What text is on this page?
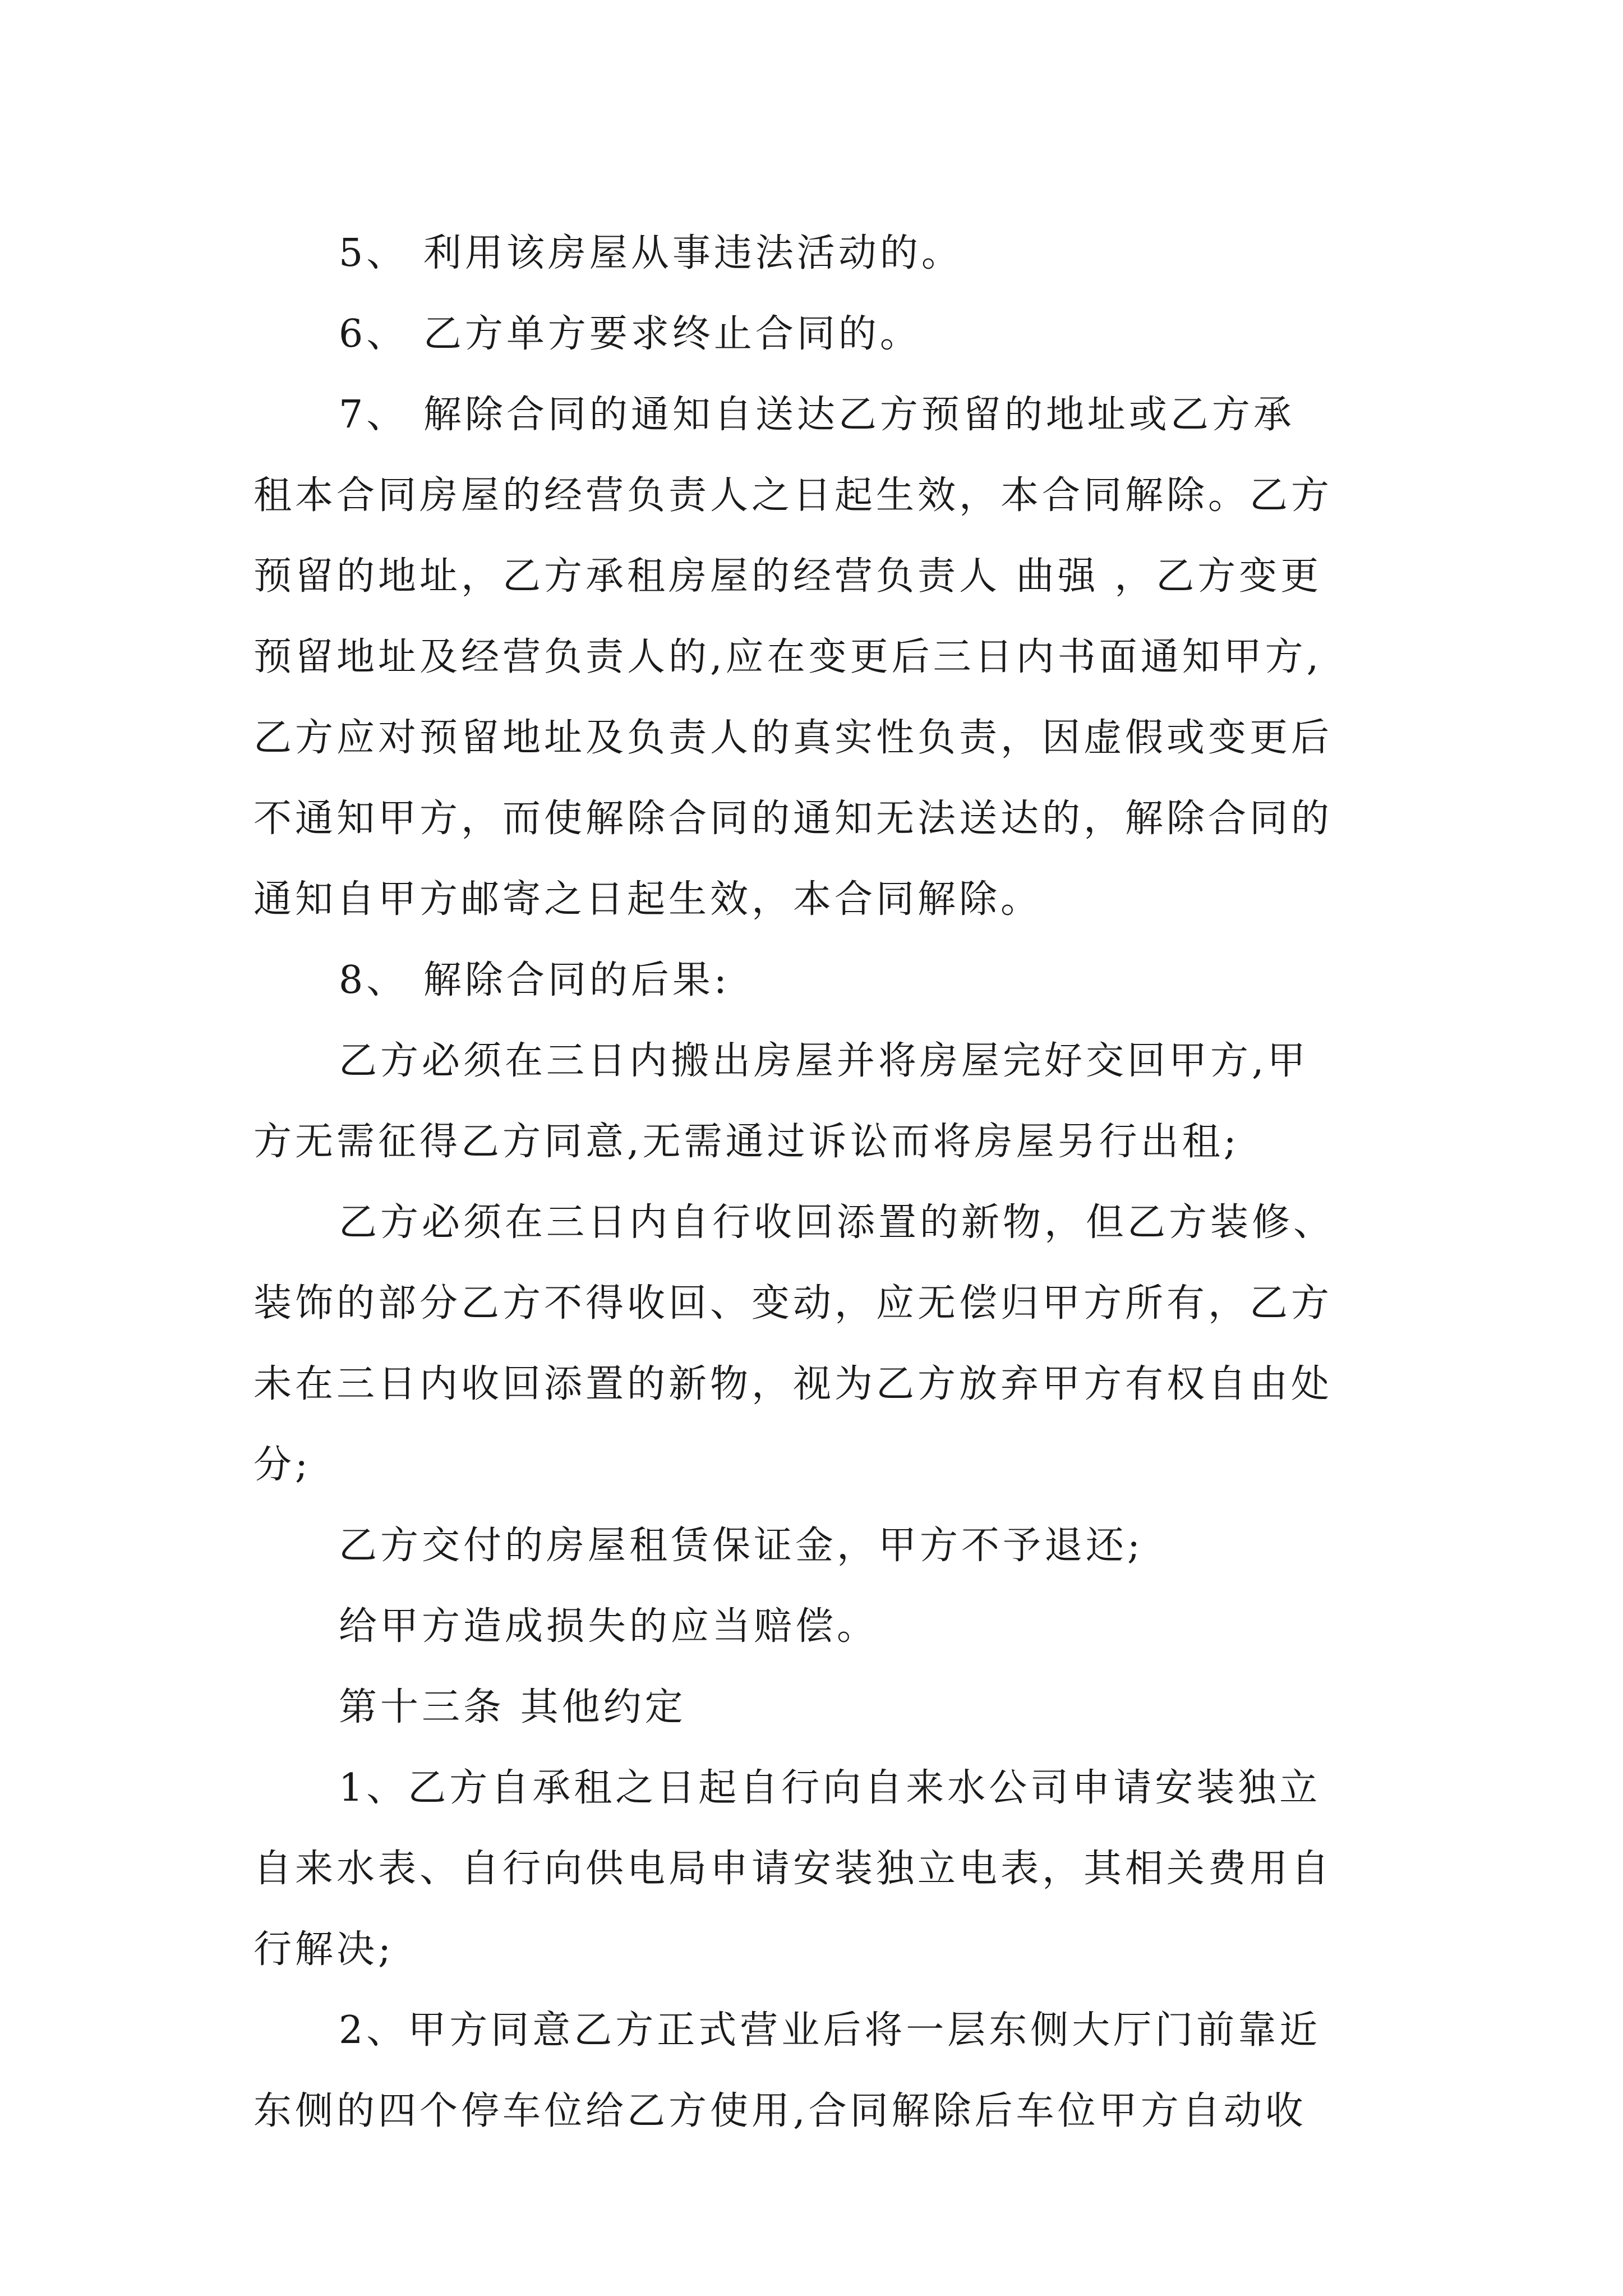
5、 利用该房屋从事违法活动的。
6、 乙方单方要求终止合同的。
7、 解除合同的通知自送达乙方预留的地址或乙方承
租本合同房屋的经营负责人之日起生效，本合同解除。乙方
预留的地址，乙方承租房屋的经营负责人 曲强 ，乙方变更
预留地址及经营负责人的,应在变更后三日内书面通知甲方,
乙方应对预留地址及负责人的真实性负责，因虚假或变更后
不通知甲方，而使解除合同的通知无法送达的，解除合同的
通知自甲方邮寄之日起生效，本合同解除。
8、 解除合同的后果:
乙方必须在三日内搬出房屋并将房屋完好交回甲方,甲
方无需征得乙方同意,无需通过诉讼而将房屋另行出租;
乙方必须在三日内自行收回添置的新物，但乙方装修、
装饰的部分乙方不得收回、变动，应无偿归甲方所有，乙方
未在三日内收回添置的新物，视为乙方放弃甲方有权自由处
分;
乙方交付的房屋租赁保证金，甲方不予退还;
给甲方造成损失的应当赔偿。
第十三条 其他约定
1、乙方自承租之日起自行向自来水公司申请安装独立
自来水表、自行向供电局申请安装独立电表，其相关费用自
行解决;
2、甲方同意乙方正式营业后将一层东侧大厅门前靠近
东侧的四个停车位给乙方使用,合同解除后车位甲方自动收
